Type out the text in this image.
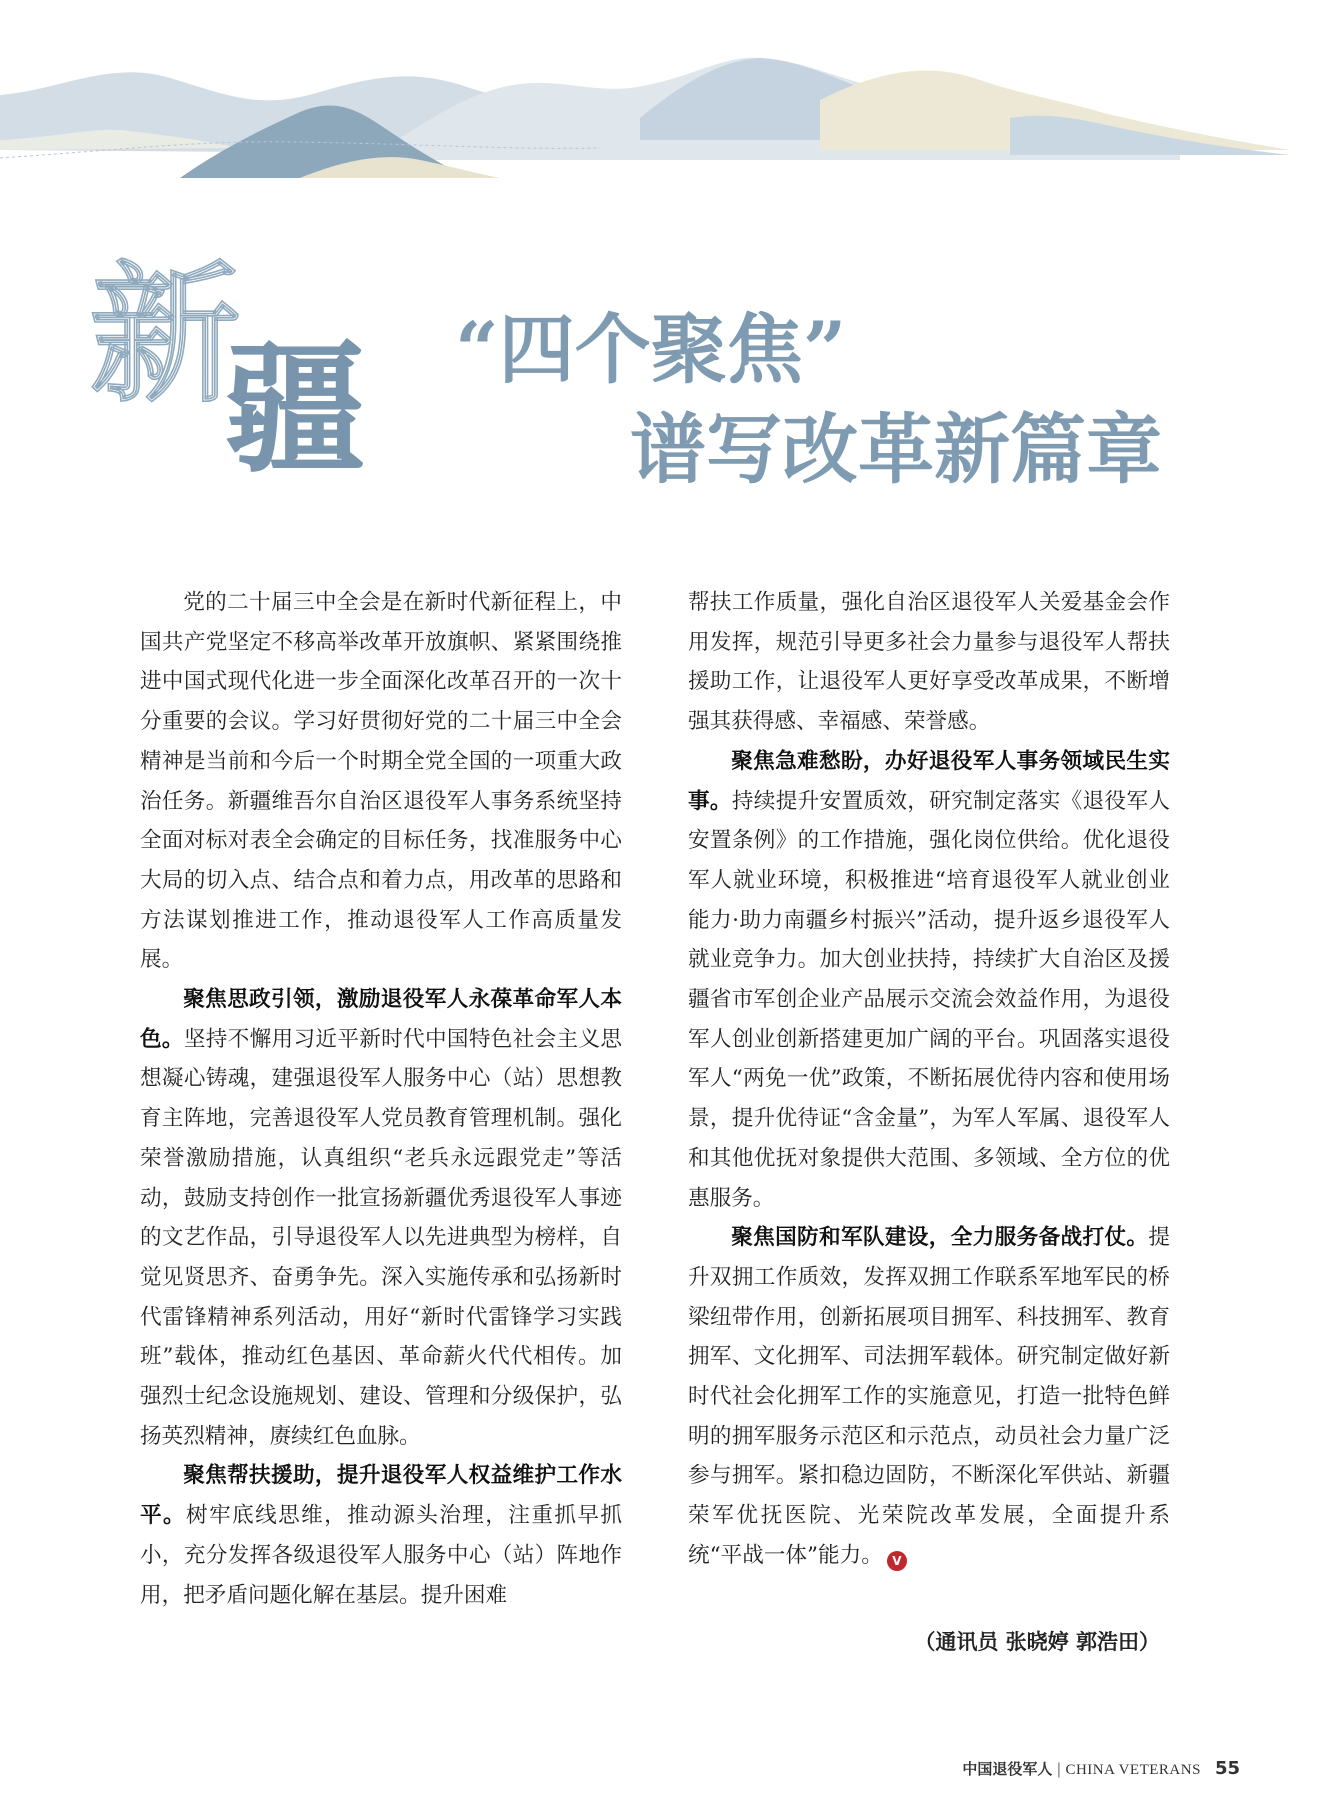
新
疆	“四个聚焦”
谱写改革新篇章

党的二十届三中全会是在新时代新征程上，中国共产党坚定不移高举改革开放旗帜、紧紧围绕推进中国式现代化进一步全面深化改革召开的一次十分重要的会议。学习好贯彻好党的二十届三中全会精神是当前和今后一个时期全党全国的一项重大政治任务。新疆维吾尔自治区退役军人事务系统坚持全面对标对表全会确定的目标任务，找准服务中心大局的切入点、结合点和着力点，用改革的思路和方法谋划推进工作，推动退役军人工作高质量发展。

聚焦思政引领，激励退役军人永葆革命军人本色。坚持不懈用习近平新时代中国特色社会主义思想凝心铸魂，建强退役军人服务中心（站）思想教育主阵地，完善退役军人党员教育管理机制。强化荣誉激励措施，认真组织“老兵永远跟党走”等活动，鼓励支持创作一批宣扬新疆优秀退役军人事迹的文艺作品，引导退役军人以先进典型为榜样，自觉见贤思齐、奋勇争先。深入实施传承和弘扬新时代雷锋精神系列活动，用好“新时代雷锋学习实践班”载体，推动红色基因、革命薪火代代相传。加强烈士纪念设施规划、建设、管理和分级保护，弘扬英烈精神，赓续红色血脉。

聚焦帮扶援助，提升退役军人权益维护工作水平。树牢底线思维，推动源头治理，注重抓早抓小，充分发挥各级退役军人服务中心（站）阵地作用，把矛盾问题化解在基层。提升困难

帮扶工作质量，强化自治区退役军人关爱基金会作用发挥，规范引导更多社会力量参与退役军人帮扶援助工作，让退役军人更好享受改革成果，不断增强其获得感、幸福感、荣誉感。

聚焦急难愁盼，办好退役军人事务领域民生实事。持续提升安置质效，研究制定落实《退役军人安置条例》的工作措施，强化岗位供给。优化退役军人就业环境，积极推进“培育退役军人就业创业能力·助力南疆乡村振兴”活动，提升返乡退役军人就业竞争力。加大创业扶持，持续扩大自治区及援疆省市军创企业产品展示交流会效益作用，为退役军人创业创新搭建更加广阔的平台。巩固落实退役军人“两免一优”政策，不断拓展优待内容和使用场景，提升优待证“含金量”，为军人军属、退役军人和其他优抚对象提供大范围、多领域、全方位的优惠服务。

聚焦国防和军队建设，全力服务备战打仗。提升双拥工作质效，发挥双拥工作联系军地军民的桥梁纽带作用，创新拓展项目拥军、科技拥军、教育拥军、文化拥军、司法拥军载体。研究制定做好新时代社会化拥军工作的实施意见，打造一批特色鲜明的拥军服务示范区和示范点，动员社会力量广泛参与拥军。紧扣稳边固防，不断深化军供站、新疆荣军优抚医院、光荣院改革发展，全面提升系统“平战一体”能力。 V

（通讯员 张晓婷 郭浩田）
中国退役军人 | CHINA VETERANS 55
